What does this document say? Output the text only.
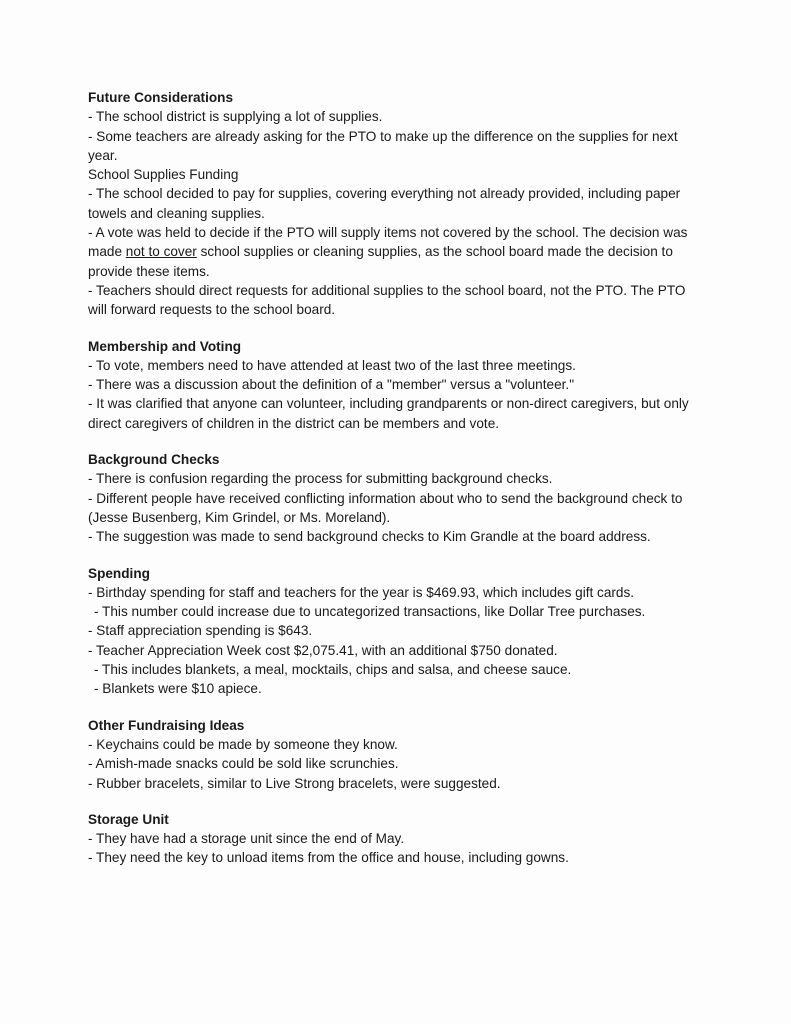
Future Considerations

- The school district is supplying a lot of supplies.

- Some teachers are already asking for the PTO to make up the difference on the supplies for next year.

School Supplies Funding

- The school decided to pay for supplies, covering everything not already provided, including paper towels and cleaning supplies.

- A vote was held to decide if the PTO will supply items not covered by the school. The decision was made not to cover school supplies or cleaning supplies, as the school board made the decision to provide these items.

- Teachers should direct requests for additional supplies to the school board, not the PTO. The PTO will forward requests to the school board.

Membership and Voting

- To vote, members need to have attended at least two of the last three meetings.

- There was a discussion about the definition of a "member" versus a "volunteer."

- It was clarified that anyone can volunteer, including grandparents or non-direct caregivers, but only direct caregivers of children in the district can be members and vote.

Background Checks

- There is confusion regarding the process for submitting background checks.

- Different people have received conflicting information about who to send the background check to (Jesse Busenberg, Kim Grindel, or Ms. Moreland).

- The suggestion was made to send background checks to Kim Grandle at the board address.

Spending

- Birthday spending for staff and teachers for the year is $469.93, which includes gift cards.

- This number could increase due to uncategorized transactions, like Dollar Tree purchases.

- Staff appreciation spending is $643.

- Teacher Appreciation Week cost $2,075.41, with an additional $750 donated.

- This includes blankets, a meal, mocktails, chips and salsa, and cheese sauce.

- Blankets were $10 apiece.

Other Fundraising Ideas

- Keychains could be made by someone they know.

- Amish-made snacks could be sold like scrunchies.

- Rubber bracelets, similar to Live Strong bracelets, were suggested.

Storage Unit

- They have had a storage unit since the end of May.

- They need the key to unload items from the office and house, including gowns.
